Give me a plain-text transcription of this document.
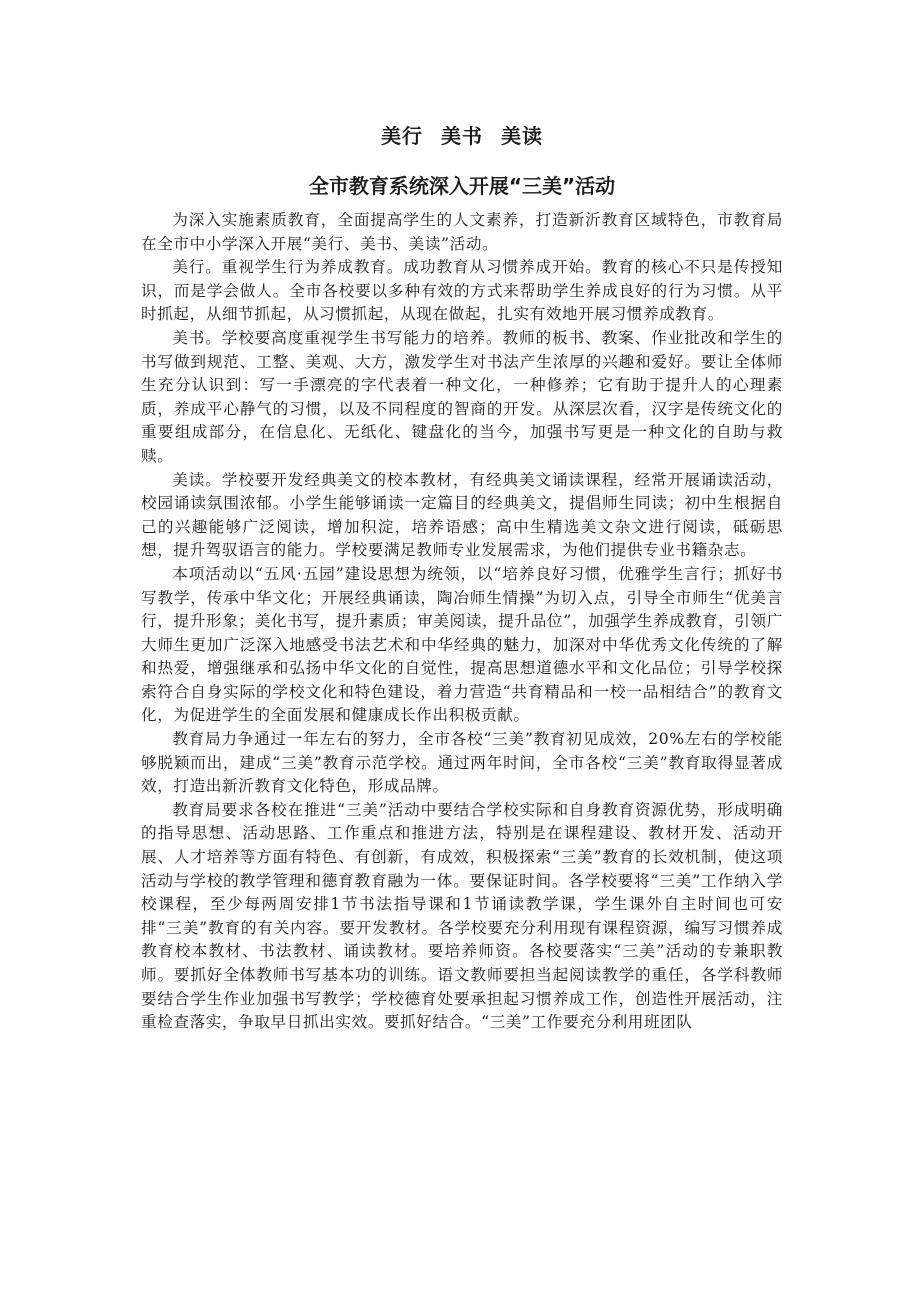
美行 美书 美读
全市教育系统深入开展“三美”活动

为深入实施素质教育，全面提高学生的人文素养，打造新沂教育区域特色，市教育局在全市中小学深入开展“美行、美书、美读”活动。

美行。重视学生行为养成教育。成功教育从习惯养成开始。教育的核心不只是传授知识，而是学会做人。全市各校要以多种有效的方式来帮助学生养成良好的行为习惯。从平时抓起，从细节抓起，从习惯抓起，从现在做起，扎实有效地开展习惯养成教育。

美书。学校要高度重视学生书写能力的培养。教师的板书、教案、作业批改和学生的书写做到规范、工整、美观、大方，激发学生对书法产生浓厚的兴趣和爱好。要让全体师生充分认识到：写一手漂亮的字代表着一种文化，一种修养；它有助于提升人的心理素质，养成平心静气的习惯，以及不同程度的智商的开发。从深层次看，汉字是传统文化的重要组成部分，在信息化、无纸化、键盘化的当今，加强书写更是一种文化的自助与救赎。

美读。学校要开发经典美文的校本教材，有经典美文诵读课程，经常开展诵读活动，校园诵读氛围浓郁。小学生能够诵读一定篇目的经典美文，提倡师生同读；初中生根据自己的兴趣能够广泛阅读，增加积淀，培养语感；高中生精选美文杂文进行阅读，砥砺思想，提升驾驭语言的能力。学校要满足教师专业发展需求，为他们提供专业书籍杂志。

本项活动以“五风·五园”建设思想为统领，以“培养良好习惯，优雅学生言行；抓好书写教学，传承中华文化；开展经典诵读，陶冶师生情操”为切入点，引导全市师生“优美言行，提升形象；美化书写，提升素质；审美阅读，提升品位”，加强学生养成教育，引领广大师生更加广泛深入地感受书法艺术和中华经典的魅力，加深对中华优秀文化传统的了解和热爱，增强继承和弘扬中华文化的自觉性，提高思想道德水平和文化品位；引导学校探索符合自身实际的学校文化和特色建设，着力营造“共育精品和一校一品相结合”的教育文化，为促进学生的全面发展和健康成长作出积极贡献。

教育局力争通过一年左右的努力，全市各校“三美”教育初见成效，20%左右的学校能够脱颖而出，建成“三美”教育示范学校。通过两年时间，全市各校“三美”教育取得显著成效，打造出新沂教育文化特色，形成品牌。

教育局要求各校在推进“三美”活动中要结合学校实际和自身教育资源优势，形成明确的指导思想、活动思路、工作重点和推进方法，特别是在课程建设、教材开发、活动开展、人才培养等方面有特色、有创新，有成效，积极探索“三美”教育的长效机制，使这项活动与学校的教学管理和德育教育融为一体。要保证时间。各学校要将“三美”工作纳入学校课程，至少每两周安排1节书法指导课和1节诵读教学课，学生课外自主时间也可安排“三美”教育的有关内容。要开发教材。各学校要充分利用现有课程资源，编写习惯养成教育校本教材、书法教材、诵读教材。要培养师资。各校要落实“三美”活动的专兼职教师。要抓好全体教师书写基本功的训练。语文教师要担当起阅读教学的重任，各学科教师要结合学生作业加强书写教学；学校德育处要承担起习惯养成工作，创造性开展活动，注重检查落实，争取早日抓出实效。要抓好结合。“三美”工作要充分利用班团队
